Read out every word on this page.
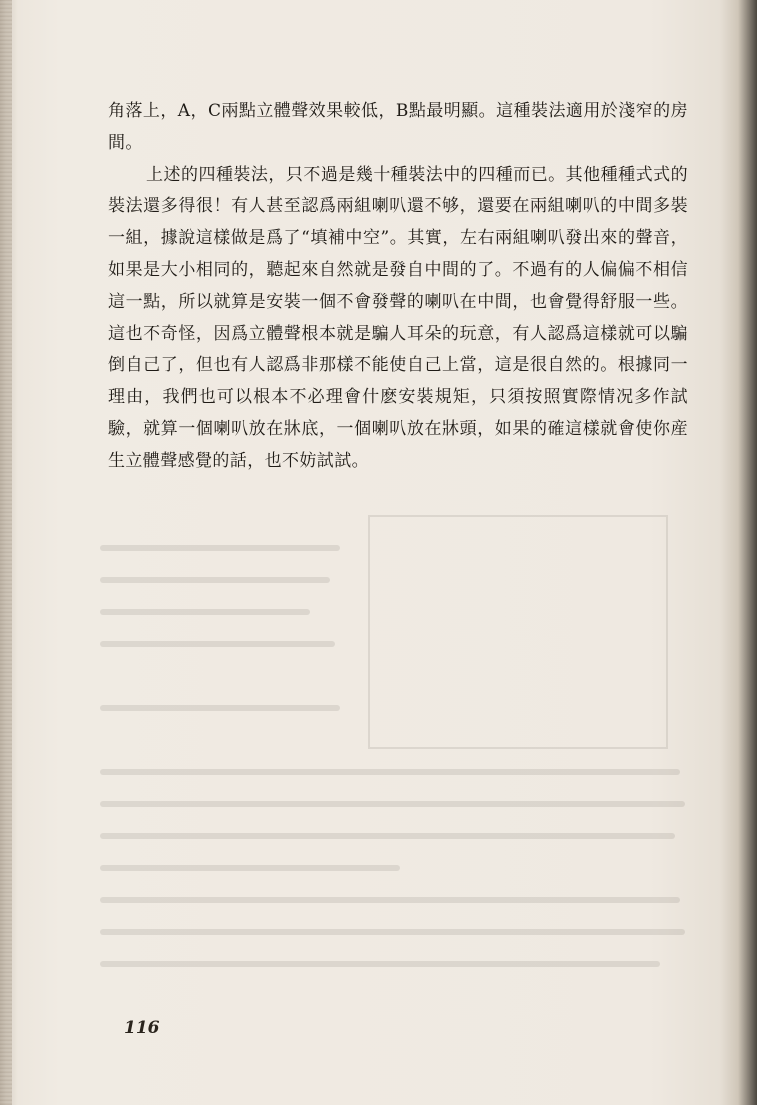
角落上，A，C兩點立體聲效果較低，B點最明顯。這種裝法適用於淺窄的房間。

上述的四種裝法，只不過是幾十種裝法中的四種而已。其他種種式式的裝法還多得很！有人甚至認爲兩組喇叭還不够，還要在兩組喇叭的中間多裝一組，據說這樣做是爲了“填補中空”。其實，左右兩組喇叭發出來的聲音，如果是大小相同的，聽起來自然就是發自中間的了。不過有的人偏偏不相信這一點，所以就算是安裝一個不會發聲的喇叭在中間，也會覺得舒服一些。這也不奇怪，因爲立體聲根本就是騙人耳朵的玩意，有人認爲這樣就可以騙倒自己了，但也有人認爲非那樣不能使自己上當，這是很自然的。根據同一理由，我們也可以根本不必理會什麽安裝規矩，只須按照實際情况多作試驗，就算一個喇叭放在牀底，一個喇叭放在牀頭，如果的確這樣就會使你産生立體聲感覺的話，也不妨試試。

116
